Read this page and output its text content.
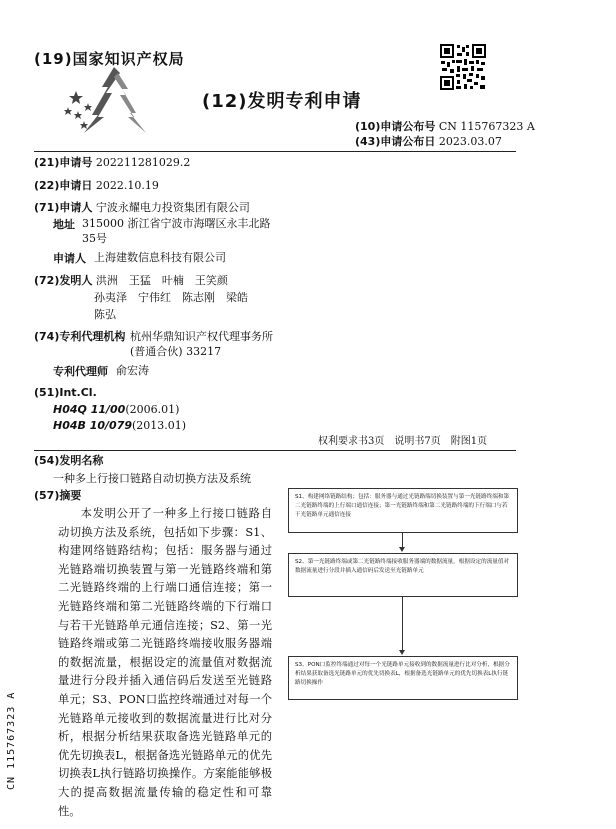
(19)国家知识产权局
(12)发明专利申请
(10)申请公布号 CN 115767323 A
(43)申请公布日 2023.03.07
(21)申请号 202211281029.2
(22)申请日 2022.10.19
(71)申请人 宁波永耀电力投资集团有限公司
地址 315000 浙江省宁波市海曙区永丰北路35号
申请人 上海建数信息科技有限公司
(72)发明人 洪洲　王猛　叶楠　王笑颜
孙夷泽　宁伟红　陈志刚　梁皓
陈弘
(74)专利代理机构 杭州华鼎知识产权代理事务所(普通合伙) 33217
专利代理师 俞宏涛
(51)Int.Cl.
H04Q 11/00(2006.01)
H04B 10/079(2013.01)
权利要求书3页　说明书7页　附图1页
(54)发明名称
一种多上行接口链路自动切换方法及系统
(57)摘要
本发明公开了一种多上行接口链路自动切换方法及系统，包括如下步骤：S1、构建网络链路结构；包括：服务器与通过光链路端切换装置与第一光链路终端和第二光链路终端的上行端口通信连接；第一光链路终端和第二光链路终端的下行端口与若干光链路单元通信连接；S2、第一光链路终端或第二光链路终端接收服务器端的数据流量，根据设定的流量值对数据流量进行分段并插入通信码后发送至光链路单元；S3、PON口监控终端通过对每一个光链路单元接收到的数据流量进行比对分析，根据分析结果获取备选光链路单元的优先切换表L，根据备选光链路单元的优先切换表L执行链路切换操作。方案能能够极大的提高数据流量传输的稳定性和可靠性。
S1、构建网络链路结构；包括：服务器与通过光链路端切换装置与第一光链路终端和第二光链路终端的上行端口通信连接；第一光链路终端和第二光链路终端的下行端口与若干光链路单元通信连接
S2、第一光链路终端或第二光链路终端接收服务器端的数据流量，根据设定的流量值对数据流量进行分段并插入通信码后发送至光链路单元
S3、PON口监控终端通过对每一个光链路单元接收到的数据流量进行比对分析，根据分析结果获取备选光链路单元的优先切换表L，根据备选光链路单元的优先切换表L执行链路切换操作
CN 115767323 A
